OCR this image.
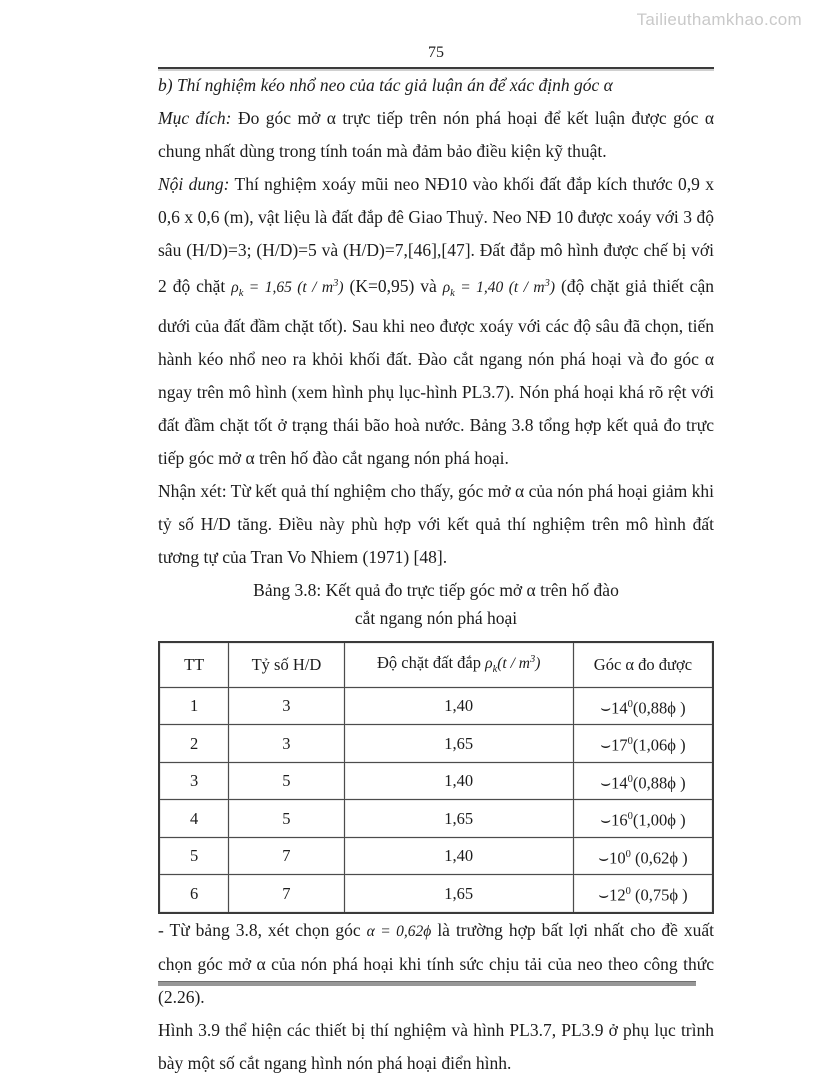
Tailieuthamkhao.com
75

b) Thí nghiệm kéo nhổ neo của tác giả luận án để xác định góc α

Mục đích: Đo góc mở α trực tiếp trên nón phá hoại để kết luận được góc α chung nhất dùng trong tính toán mà đảm bảo điều kiện kỹ thuật.

Nội dung: Thí nghiệm xoáy mũi neo NĐ10 vào khối đất đắp kích thước 0,9 x 0,6 x 0,6 (m), vật liệu là đất đắp đê Giao Thuỷ. Neo NĐ 10 được xoáy với 3 độ sâu (H/D)=3; (H/D)=5 và (H/D)=7,[46],[47]. Đất đắp mô hình được chế bị với 2 độ chặt $\rho_k = 1,65$ $(t / m^3)$ (K=0,95) và $\rho_k = 1,40$ $(t / m^3)$ (độ chặt giả thiết cận dưới của đất đầm chặt tốt). Sau khi neo được xoáy với các độ sâu đã chọn, tiến hành kéo nhổ neo ra khỏi khối đất. Đào cắt ngang nón phá hoại và đo góc α ngay trên mô hình (xem hình phụ lục-hình PL3.7). Nón phá hoại khá rõ rệt với đất đầm chặt tốt ở trạng thái bão hoà nước. Bảng 3.8 tổng hợp kết quả đo trực tiếp góc mở α trên hố đào cắt ngang nón phá hoại.

Nhận xét: Từ kết quả thí nghiệm cho thấy, góc mở α của nón phá hoại giảm khi tỷ số H/D tăng. Điều này phù hợp với kết quả thí nghiệm trên mô hình đất tương tự của Tran Vo Nhiem (1971) [48].

Bảng 3.8: Kết quả đo trực tiếp góc mở α trên hố đào
cắt ngang nón phá hoại
TT	Tỷ số H/D	Độ chặt đất đắp $\rho_k(t / m^3)$	Góc α đo được
1	3	1,40	$⌣14^0(0,88\phi$ )
2	3	1,65	$⌣17^0(1,06\phi$ )
3	5	1,40	$⌣14^0(0,88\phi$ )
4	5	1,65	$⌣16^0(1,00\phi$ )
5	7	1,40	$⌣10^0$ (0,62ϕ )
6	7	1,65	$⌣12^0$ (0,75ϕ )

- Từ bảng 3.8, xét chọn góc α = 0,62ϕ là trường hợp bất lợi nhất cho đề xuất chọn góc mở α của nón phá hoại khi tính sức chịu tải của neo theo công thức (2.26).

Hình 3.9 thể hiện các thiết bị thí nghiệm và hình PL3.7, PL3.9 ở phụ lục trình bày một số cắt ngang hình nón phá hoại điển hình.
